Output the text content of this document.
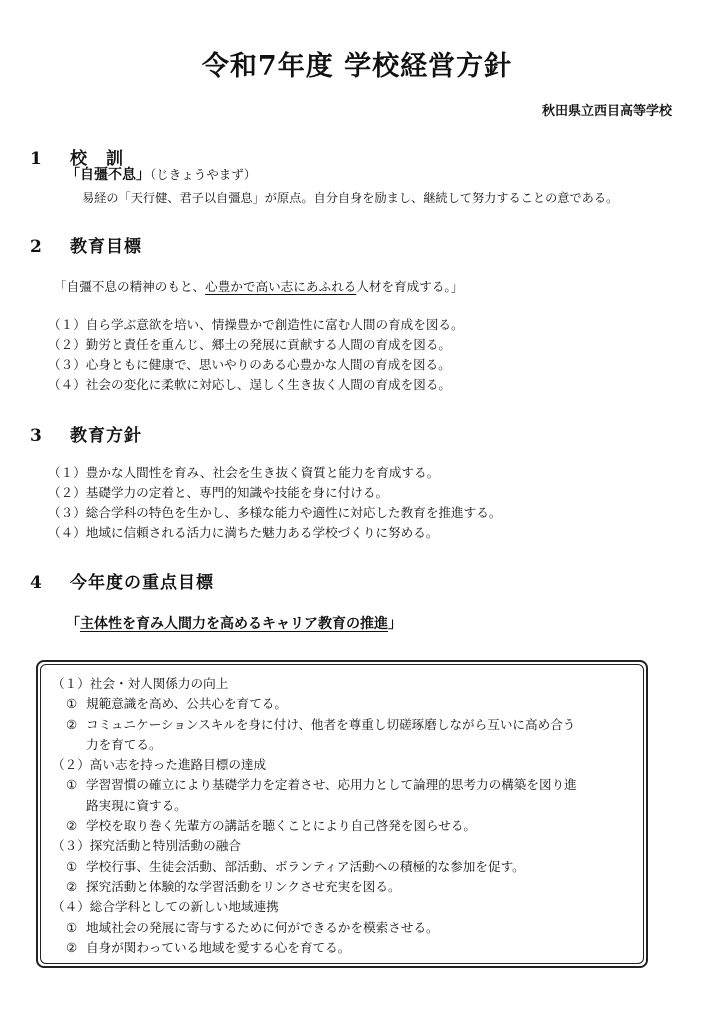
令和7年度 学校経営方針
秋田県立西目高等学校
1 校　訓
「自彊不息」（じきょうやまず）
易経の「天行健、君子以自彊息」が原点。自分自身を励まし、継続して努力することの意である。
2 教育目標
「自彊不息の精神のもと、心豊かで高い志にあふれる人材を育成する。」
（１）自ら学ぶ意欲を培い、情操豊かで創造性に富む人間の育成を図る。
（２）勤労と責任を重んじ、郷土の発展に貢献する人間の育成を図る。
（３）心身ともに健康で、思いやりのある心豊かな人間の育成を図る。
（４）社会の変化に柔軟に対応し、逞しく生き抜く人間の育成を図る。
3 教育方針
（１）豊かな人間性を育み、社会を生き抜く資質と能力を育成する。
（２）基礎学力の定着と、専門的知識や技能を身に付ける。
（３）総合学科の特色を生かし、多様な能力や適性に対応した教育を推進する。
（４）地域に信頼される活力に満ちた魅力ある学校づくりに努める。
4 今年度の重点目標
「主体性を育み人間力を高めるキャリア教育の推進」
（１）社会・対人関係力の向上
① 規範意識を高め、公共心を育てる。
② コミュニケーションスキルを身に付け、他者を尊重し切磋琢磨しながら互いに高め合う
力を育てる。
（２）高い志を持った進路目標の達成
① 学習習慣の確立により基礎学力を定着させ、応用力として論理的思考力の構築を図り進
路実現に資する。
② 学校を取り巻く先輩方の講話を聴くことにより自己啓発を図らせる。
（３）探究活動と特別活動の融合
① 学校行事、生徒会活動、部活動、ボランティア活動への積極的な参加を促す。
② 探究活動と体験的な学習活動をリンクさせ充実を図る。
（４）総合学科としての新しい地域連携
① 地域社会の発展に寄与するために何ができるかを模索させる。
② 自身が関わっている地域を愛する心を育てる。
